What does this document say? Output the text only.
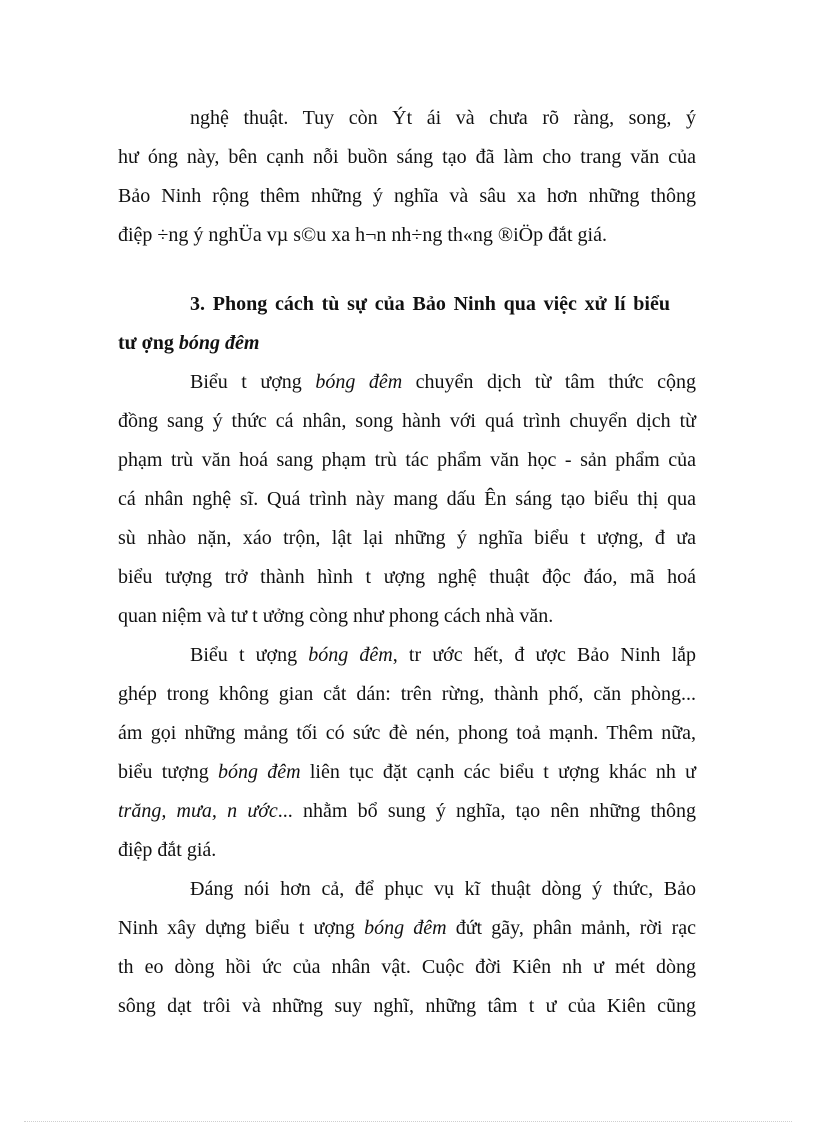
nghệ thuật. Tuy còn Ýt ái và chưa rõ ràng, song, ý
hư óng này, bên cạnh nỗi buồn sáng tạo đã làm cho trang văn của
Bảo Ninh rộng thêm những ý nghĩa và sâu xa hơn những thông
điệp ÷ng ý nghÜa vµ s©u xa h¬n nh÷ng th«ng ®iÖp đắt giá.
3. Phong cách tù sự của Bảo Ninh qua việc xử lí biểu
tư ợng bóng đêm
Biểu t ượng bóng đêm chuyển dịch từ tâm thức cộng
đồng sang ý thức cá nhân, song hành với quá trình chuyển dịch từ
phạm trù văn hoá sang phạm trù tác phẩm văn học - sản phẩm của
cá nhân nghệ sĩ. Quá trình này mang dấu Ên sáng tạo biểu thị qua
sù nhào nặn, xáo trộn, lật lại những ý nghĩa biểu t ượng, đ ưa
biểu tượng trở thành hình t ượng nghệ thuật độc đáo, mã hoá
quan niệm và tư t ưởng còng như phong cách nhà văn.
Biểu t ượng bóng đêm, tr ước hết, đ ược Bảo Ninh lắp
ghép trong không gian cắt dán: trên rừng, thành phố, căn phòng...
ám gọi những mảng tối có sức đè nén, phong toả mạnh. Thêm nữa,
biểu tượng bóng đêm liên tục đặt cạnh các biểu t ượng khác nh ư
trăng, mưa, n ước... nhằm bổ sung ý nghĩa, tạo nên những thông
điệp đắt giá.
Đáng nói hơn cả, để phục vụ kĩ thuật dòng ý thức, Bảo
Ninh xây dựng biểu t ượng bóng đêm đứt gãy, phân mảnh, rời rạc
th eo dòng hồi ức của nhân vật. Cuộc đời Kiên nh ư mét dòng
sông dạt trôi và những suy nghĩ, những tâm t ư của Kiên cũng
